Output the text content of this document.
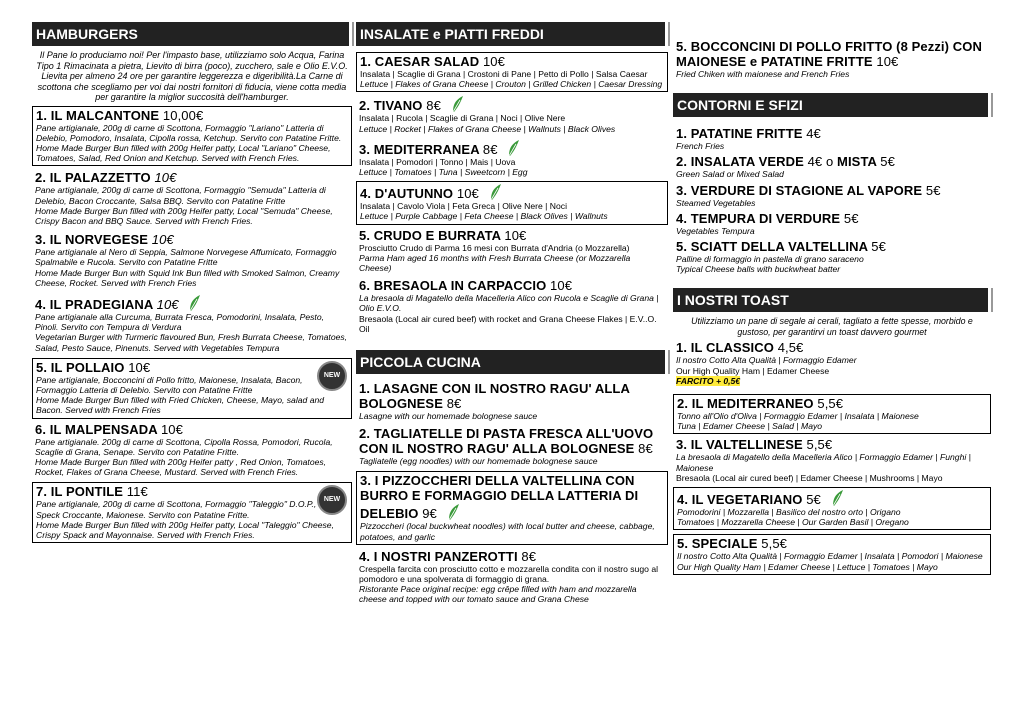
HAMBURGERS
Il Pane lo produciamo noi! Per l'impasto base, utilizziamo solo Acqua, Farina Tipo 1 Rimacinata a pietra, Lievito di birra (poco), zucchero, sale e Olio E.V.O. Lievita per almeno 24 ore per garantire leggerezza e digeribilità.La Carne di scottona che scegliamo per voi dai nostri fornitori di fiducia, viene cotta media per garantire la miglior succosità dell'hamburger.
1. IL MALCANTONE 10,00€
Pane artigianale, 200g di carne di Scottona, Formaggio "Lariano" Latteria di Delebio, Pomodoro, Insalata, Cipolla rossa, Ketchup. Servito con Patatine Fritte.
Home Made Burger Bun filled with 200g Heifer patty, Local "Lariano" Cheese, Tomatoes, Salad, Red Onion and Ketchup. Served with French Fries.
2. IL PALAZZETTO 10€
Pane artigianale, 200g di carne di Scottona, Formaggio "Semuda" Latteria di Delebio, Bacon Croccante, Salsa BBQ. Servito con Patatine Fritte
Home Made Burger Bun filled with 200g Heifer patty, Local "Semuda" Cheese, Crispy Bacon and BBQ Sauce. Served with French Fries.
3. IL NORVEGESE 10€
Pane artigianale al Nero di Seppia, Salmone Norvegese Affumicato, Formaggio Spalmabile e Rucola. Servito con Patatine Fritte
Home Made Burger Bun with Squid Ink Bun filled with Smoked Salmon, Creamy Cheese, Rocket. Served with French Fries
4. IL PRADEGIANA 10€
Pane artigianale alla Curcuma, Burrata Fresca, Pomodorini, Insalata, Pesto, Pinoli. Servito con Tempura di Verdura
Vegetarian Burger with Turmeric flavoured Bun, Fresh Burrata Cheese, Tomatoes, Salad, Pesto Sauce, Pinenuts. Served with Vegetables Tempura
NEW
5. IL POLLAIO 10€
Pane artigianale, Bocconcini di Pollo fritto, Maionese, Insalata, Bacon, Formaggio Latteria di Delebio. Servito con Patatine Fritte
Home Made Burger Bun filled with Fried Chicken, Cheese, Mayo, salad and Bacon. Served with French Fries
6. IL MALPENSADA 10€
Pane artigianale. 200g di carne di Scottona, Cipolla Rossa, Pomodori, Rucola, Scaglie di Grana, Senape. Servito con Patatine Fritte.
Home Made Burger Bun filled with 200g Heifer patty , Red Onion, Tomatoes, Rocket, Flakes of Grana Cheese, Mustard. Served with French Fries.
NEW
7. IL PONTILE 11€
Pane artigianale, 200g di carne di Scottona, Formaggio "Taleggio" D.O.P., Speck Croccante, Maionese. Servito con Patatine Fritte.
Home Made Burger Bun filled with 200g Heifer patty, Local "Taleggio" Cheese, Crispy Spack and Mayonnaise. Served with French Fries.
INSALATE e PIATTI FREDDI
1. CAESAR SALAD 10€
Insalata | Scaglie di Grana | Crostoni di Pane | Petto di Pollo | Salsa Caesar
Lettuce | Flakes of Grana Cheese | Crouton | Grilled Chicken | Caesar Dressing
2. TIVANO 8€
Insalata | Rucola | Scaglie di Grana | Noci | Olive Nere
Lettuce | Rocket | Flakes of Grana Cheese | Wallnuts | Black Olives
3. MEDITERRANEA 8€
Insalata | Pomodori | Tonno | Mais | Uova
Lettuce | Tomatoes | Tuna | Sweetcorn | Egg
4. D'AUTUNNO 10€
Insalata | Cavolo Viola | Feta Greca | Olive Nere | Noci
Lettuce | Purple Cabbage | Feta Cheese | Black Olives | Wallnuts
5. CRUDO E BURRATA 10€
Prosciutto Crudo di Parma 16 mesi con Burrata d'Andria (o Mozzarella)
Parma Ham aged 16 months with Fresh Burrata Cheese (or Mozzarella Cheese)
6. BRESAOLA IN CARPACCIO 10€
La bresaola di Magatello della Macelleria Alico con Rucola e Scaglie di Grana | Olio E.V.O.
Bresaola (Local air cured beef) with rocket and Grana Cheese Flakes | E.V..O. Oil
PICCOLA CUCINA
1. LASAGNE CON IL NOSTRO RAGU' ALLA BOLOGNESE 8€
Lasagne with our homemade bolognese sauce
2. TAGLIATELLE DI PASTA FRESCA ALL'UOVO CON IL NOSTRO RAGU' ALLA BOLOGNESE 8€
Tagliatelle (egg noodles) with our homemade bolognese sauce
3. I PIZZOCCHERI DELLA VALTELLINA CON BURRO E FORMAGGIO DELLA LATTERIA DI DELEBIO 9€
Pizzoccheri (local buckwheat noodles) with local butter and cheese, cabbage, potatoes, and garlic
4. I NOSTRI PANZEROTTI 8€
Crespella farcita con prosciutto cotto e mozzarella condita con il nostro sugo al pomodoro e una spolverata di formaggio di grana.
Ristorante Pace original recipe: egg crêpe filled with ham and mozzarella cheese and topped with our tomato sauce and Grana Chese
5. BOCCONCINI DI POLLO FRITTO (8 Pezzi) CON MAIONESE e PATATINE FRITTE 10€
Fried Chiken with maionese and French Fries
CONTORNI E SFIZI
1. PATATINE FRITTE 4€
French Fries
2. INSALATA VERDE 4€ o MISTA 5€
Green Salad or Mixed Salad
3. VERDURE DI STAGIONE AL VAPORE 5€
Steamed Vegetables
4. TEMPURA DI VERDURE 5€
Vegetables Tempura
5. SCIATT DELLA VALTELLINA 5€
Palline di formaggio in pastella di grano saraceno
Typical Cheese balls with buckwheat batter
I NOSTRI TOAST
Utilizziamo un pane di segale ai cerali, tagliato a fette spesse, morbido e gustoso, per garantirvi un toast davvero gourmet
1. IL CLASSICO 4,5€
Il nostro Cotto Alta Qualità | Formaggio Edamer
Our High Quality Ham | Edamer Cheese
FARCITO + 0,5€
2. IL MEDITERRANEO 5,5€
Tonno all'Olio d'Oliva | Formaggio Edamer | Insalata | Maionese
Tuna | Edamer Cheese | Salad | Mayo
3. IL VALTELLINESE 5,5€
La bresaola di Magatello della Macelleria Alico | Formaggio Edamer | Funghi | Maionese
Bresaola (Local air cured beef) | Edamer Cheese | Mushrooms | Mayo
4. IL VEGETARIANO 5€
Pomodorini | Mozzarella | Basilico del nostro orto | Origano
Tomatoes | Mozzarella Cheese | Our Garden Basil | Oregano
5. SPECIALE 5,5€
Il nostro Cotto Alta Qualità | Formaggio Edamer | Insalata | Pomodori | Maionese
Our High Quality Ham | Edamer Cheese | Lettuce | Tomatoes | Mayo
